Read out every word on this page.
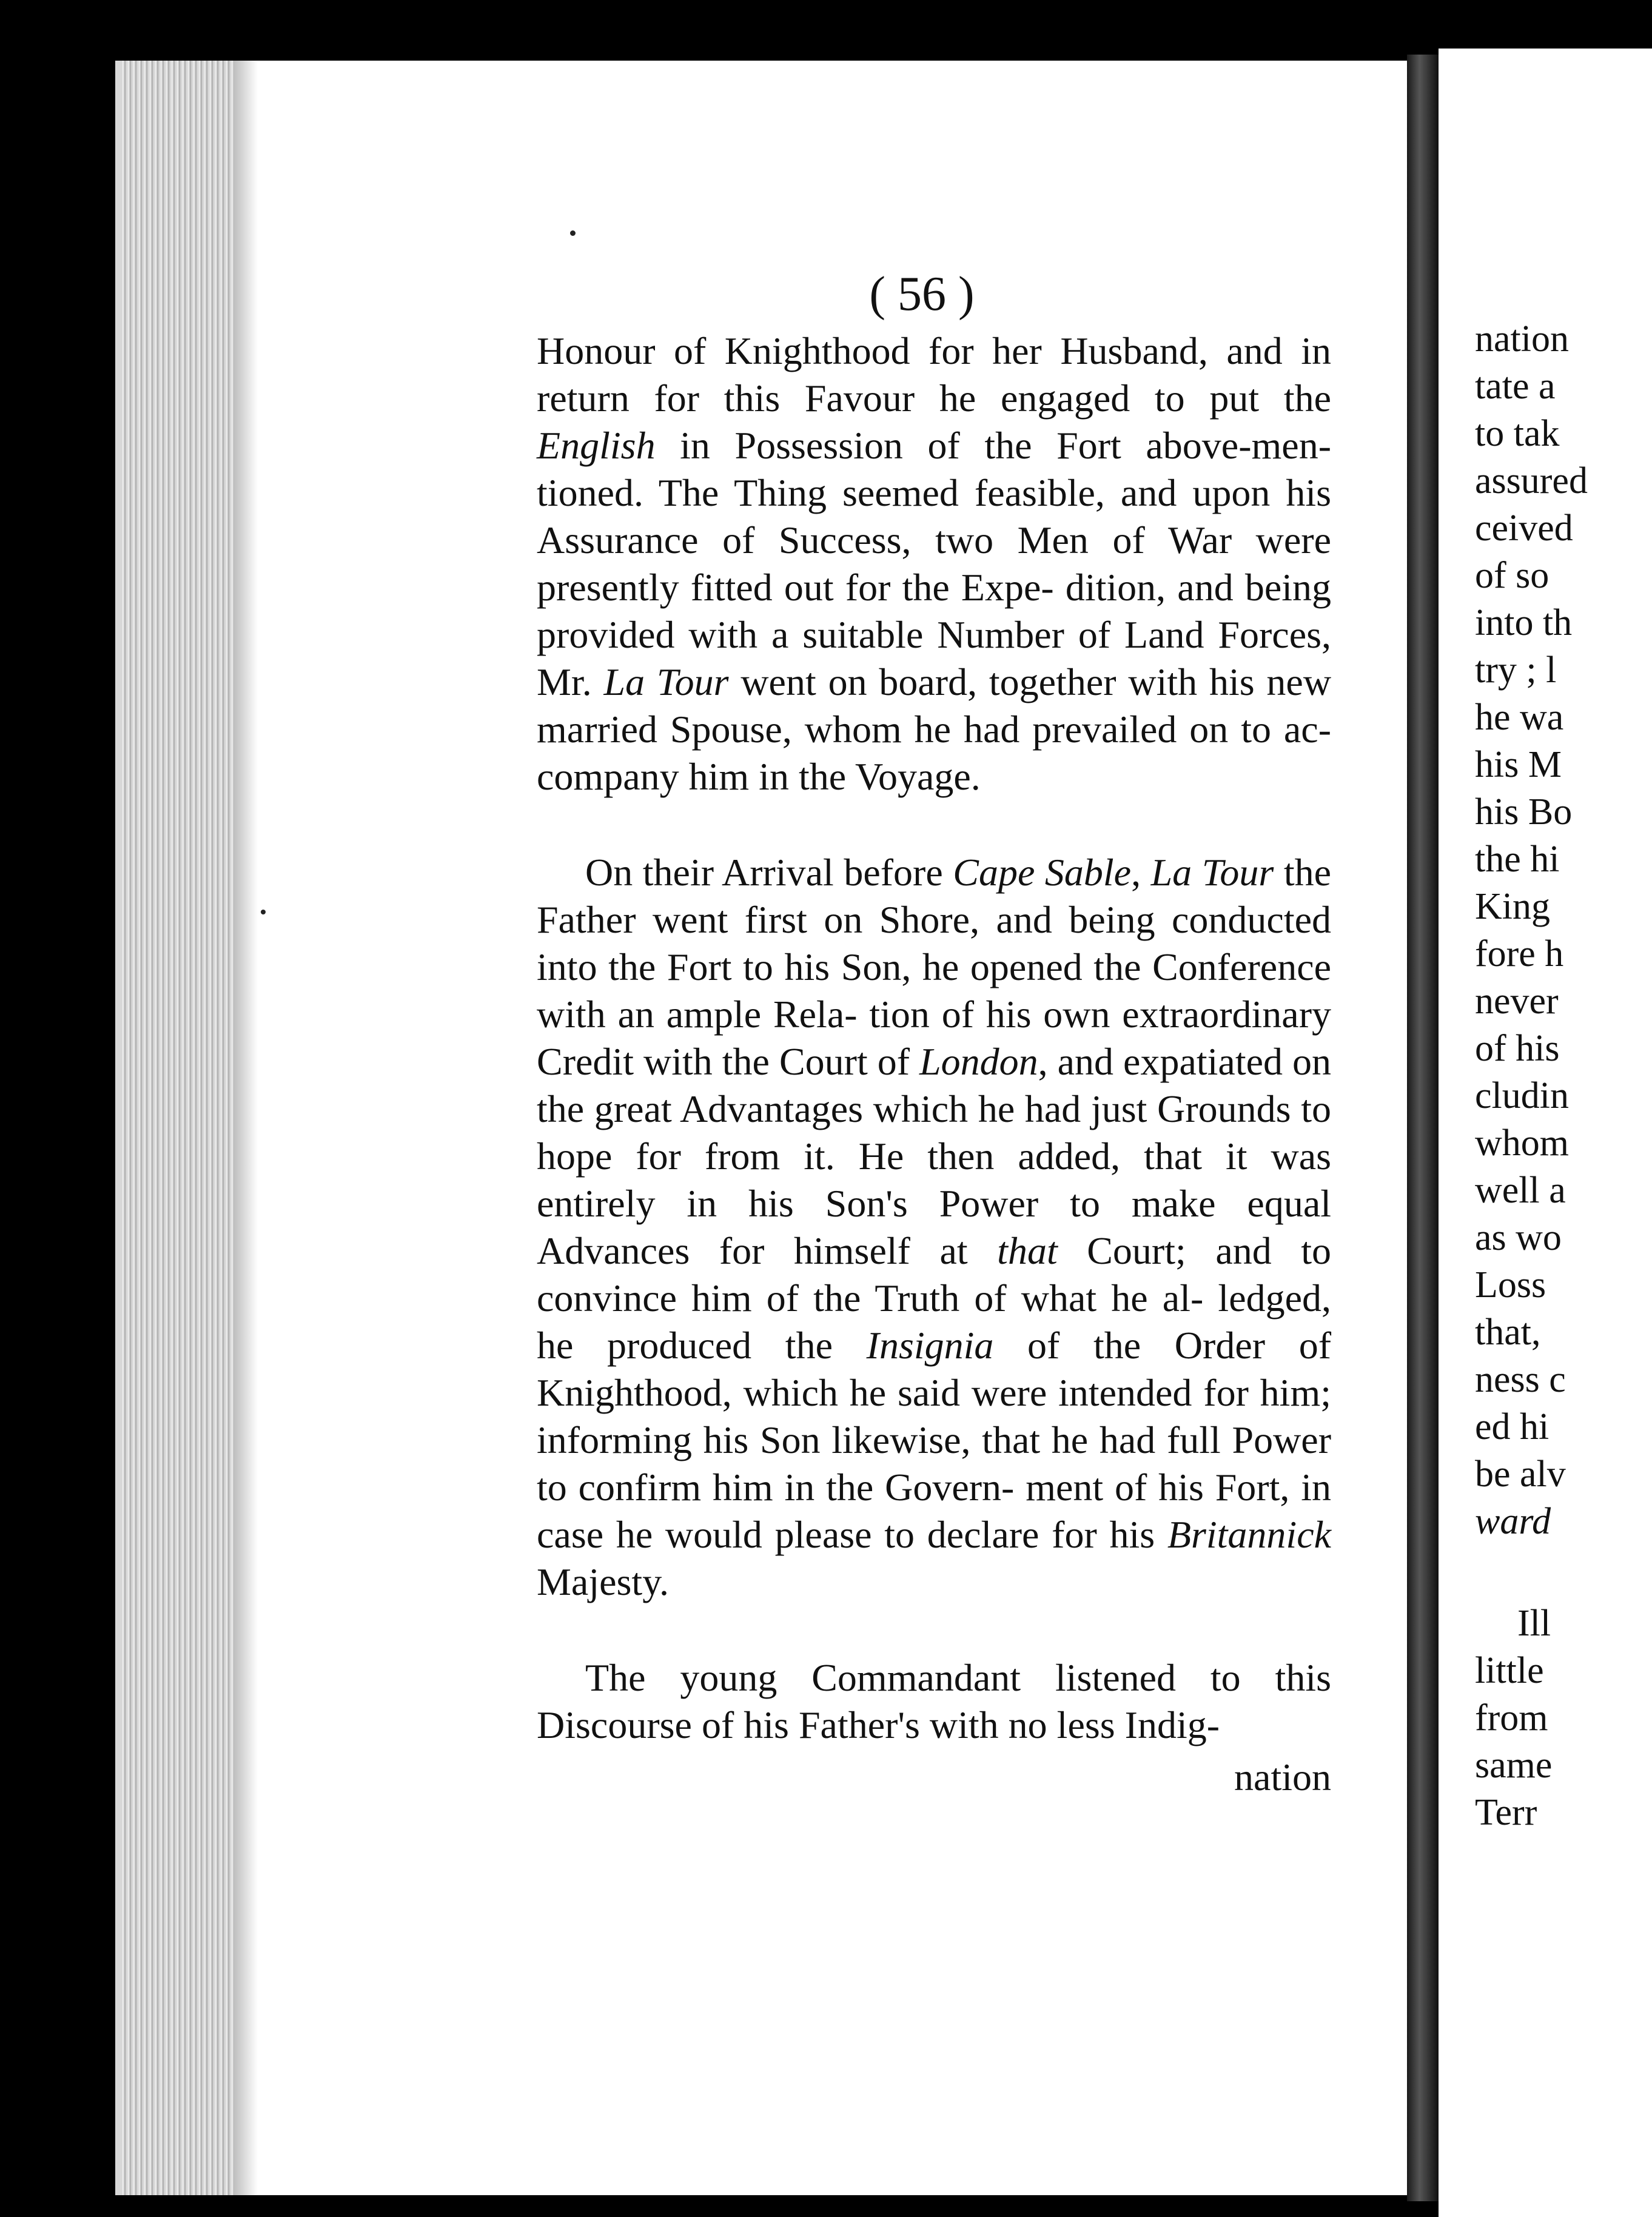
nation
tate a
to tak
assured
ceived
of so
into th
try ; l
he wa
his M
his Bo
the hi
King
fore h
never
of his
cludin
whom
well a
as wo
Loss
that,
ness c
ed hi
be alv
ward
Ill
little
from
same
Terr
( 56 )

Honour of Knighthood for her Husband, and in return for this Favour he engaged to put the English in Possession of the Fort above-men- tioned. The Thing seemed feasible, and upon his Assurance of Success, two Men of War were presently fitted out for the Expe- dition, and being provided with a suitable Number of Land Forces, Mr. La Tour went on board, together with his new married Spouse, whom he had prevailed on to ac- company him in the Voyage.

On their Arrival before Cape Sable, La Tour the Father went first on Shore, and being conducted into the Fort to his Son, he opened the Conference with an ample Rela- tion of his own extraordinary Credit with the Court of London, and expatiated on the great Advantages which he had just Grounds to hope for from it. He then added, that it was entirely in his Son's Power to make equal Advances for himself at that Court; and to convince him of the Truth of what he al- ledged, he produced the Insignia of the Order of Knighthood, which he said were intended for him; informing his Son likewise, that he had full Power to confirm him in the Govern- ment of his Fort, in case he would please to declare for his Britannick Majesty.

The young Commandant listened to this Discourse of his Father's with no less Indig-

nation
